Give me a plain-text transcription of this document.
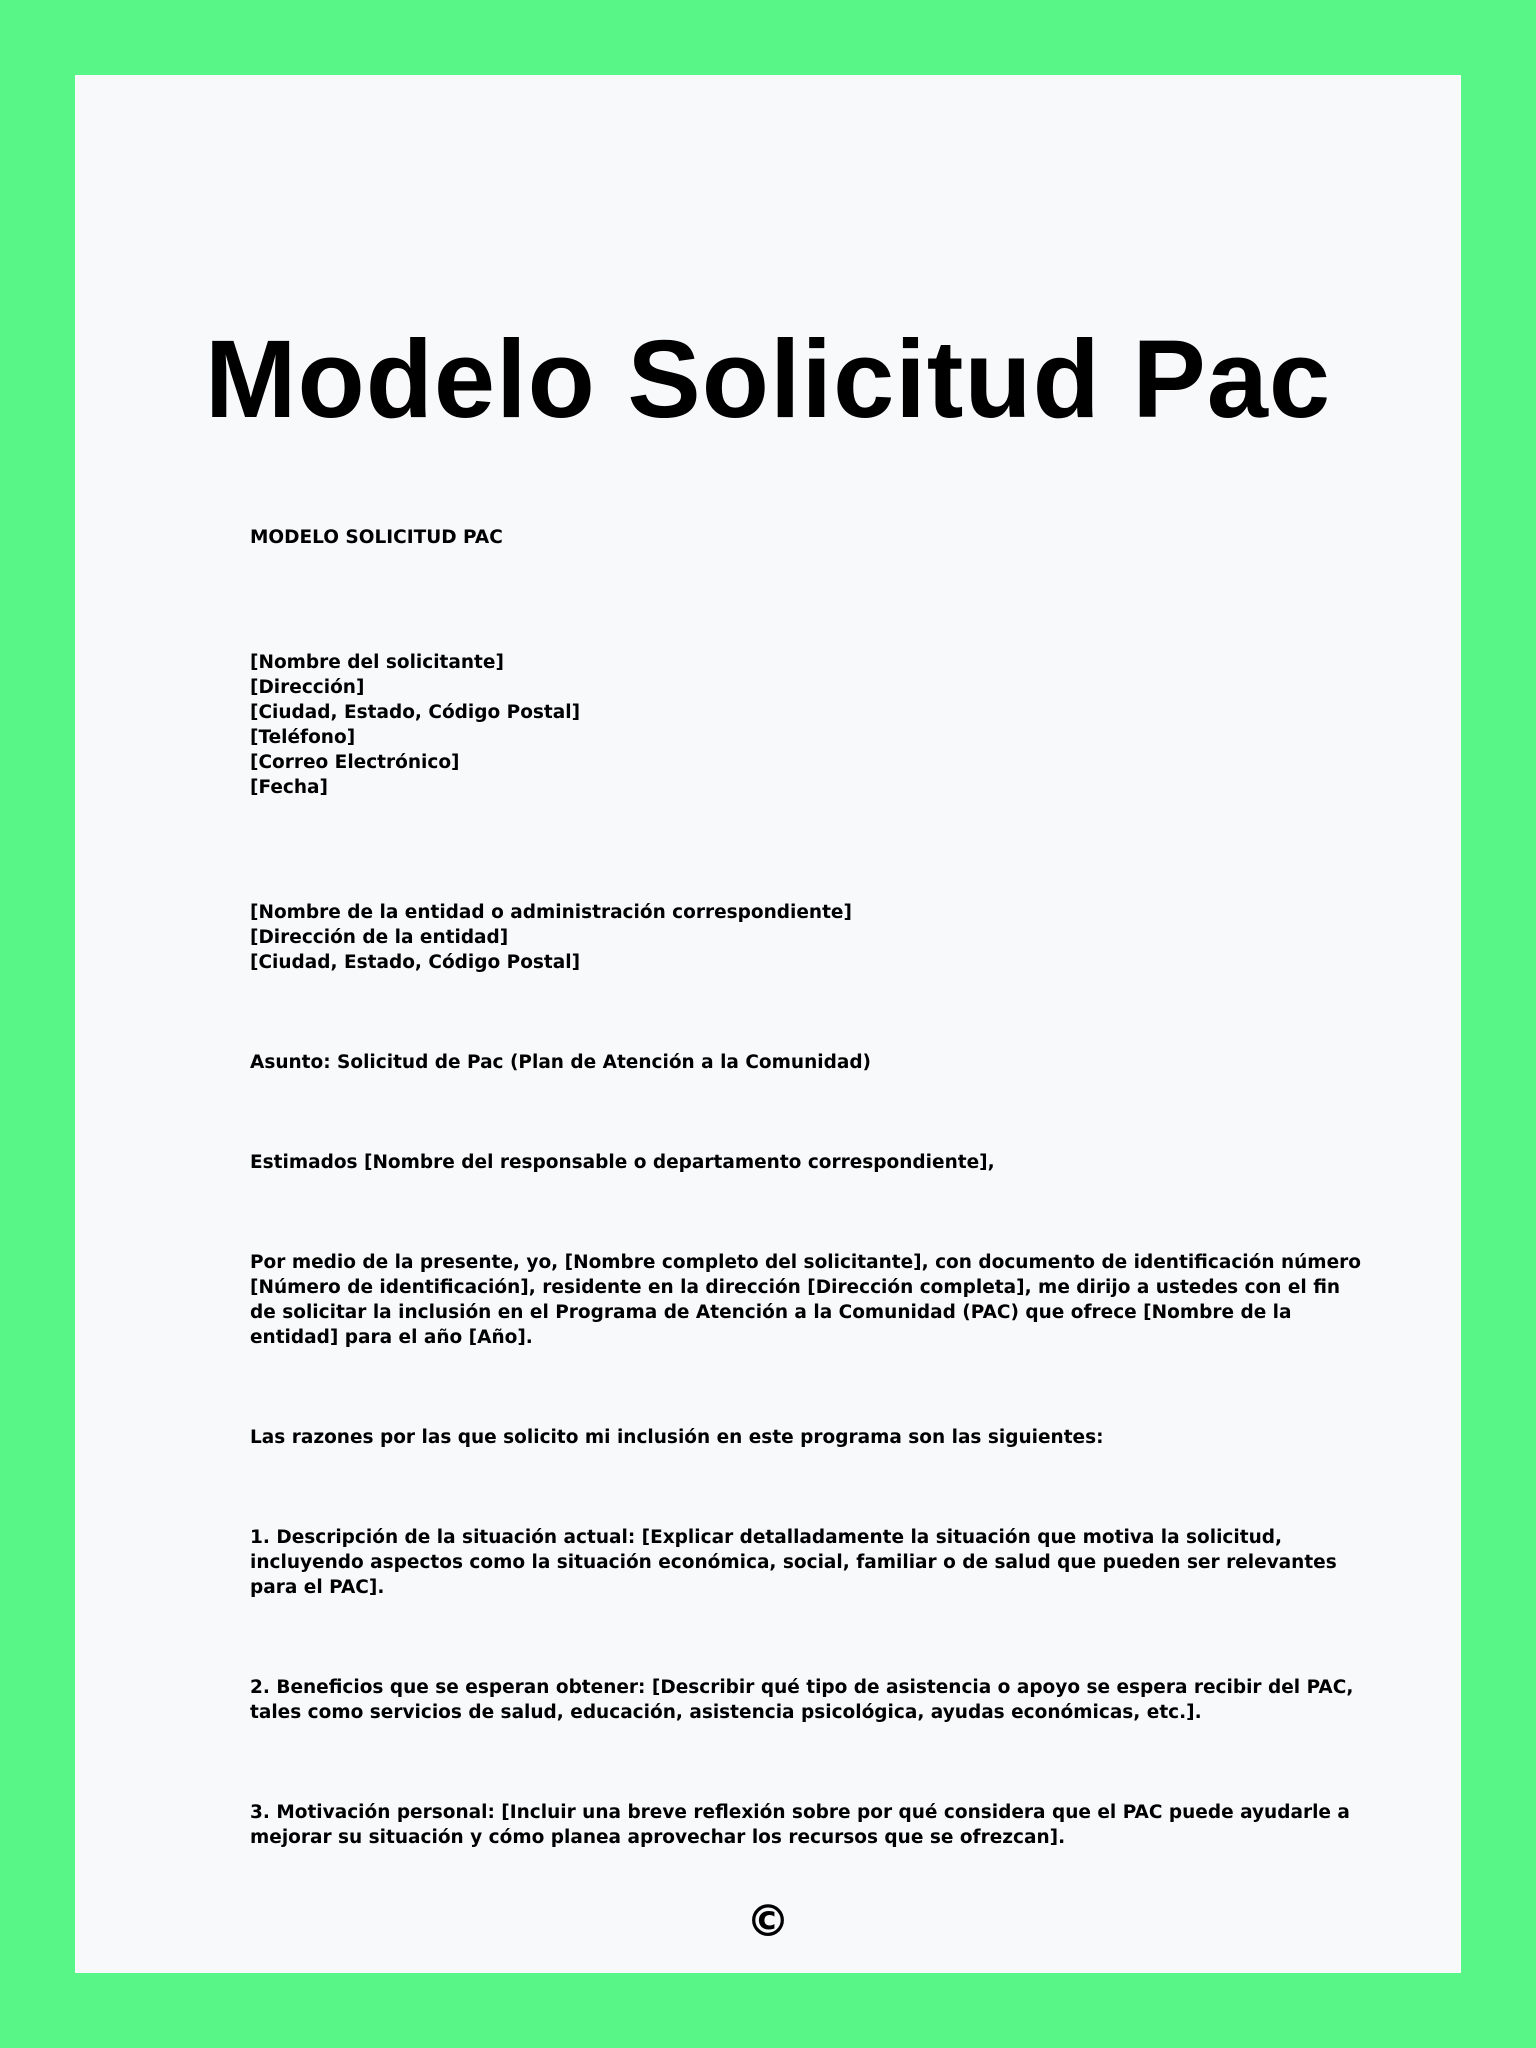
Modelo Solicitud Pac

MODELO SOLICITUD PAC

[Nombre del solicitante]
[Dirección]
[Ciudad, Estado, Código Postal]
[Teléfono]
[Correo Electrónico]
[Fecha]
[Nombre de la entidad o administración correspondiente]
[Dirección de la entidad]
[Ciudad, Estado, Código Postal]

Asunto: Solicitud de Pac (Plan de Atención a la Comunidad)

Estimados [Nombre del responsable o departamento correspondiente],

Por medio de la presente, yo, [Nombre completo del solicitante], con documento de identificación número [Número de identificación], residente en la dirección [Dirección completa], me dirijo a ustedes con el fin de solicitar la inclusión en el Programa de Atención a la Comunidad (PAC) que ofrece [Nombre de la entidad] para el año [Año].

Las razones por las que solicito mi inclusión en este programa son las siguientes:

1. Descripción de la situación actual: [Explicar detalladamente la situación que motiva la solicitud, incluyendo aspectos como la situación económica, social, familiar o de salud que pueden ser relevantes para el PAC].

2. Beneficios que se esperan obtener: [Describir qué tipo de asistencia o apoyo se espera recibir del PAC, tales como servicios de salud, educación, asistencia psicológica, ayudas económicas, etc.].

3. Motivación personal: [Incluir una breve reflexión sobre por qué considera que el PAC puede ayudarle a mejorar su situación y cómo planea aprovechar los recursos que se ofrezcan].

©
